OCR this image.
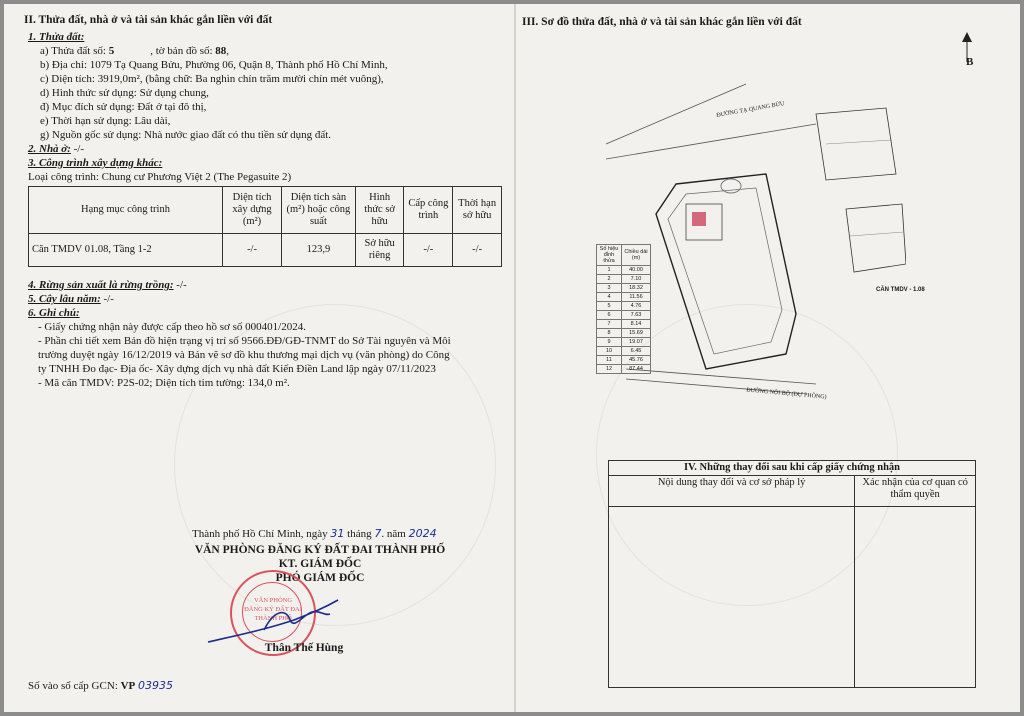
II. Thửa đất, nhà ở và tài sản khác gắn liền với đất
1. Thửa đất:
a) Thửa đất số: 5	, tờ bản đồ số: 88,
b) Địa chỉ: 1079 Tạ Quang Bửu, Phường 06, Quận 8, Thành phố Hồ Chí Minh,
c) Diện tích: 3919,0m², (bằng chữ: Ba nghìn chín trăm mười chín mét vuông),
d) Hình thức sử dụng: Sử dụng chung,
đ) Mục đích sử dụng: Đất ở tại đô thị,
e) Thời hạn sử dụng: Lâu dài,
g) Nguồn gốc sử dụng: Nhà nước giao đất có thu tiền sử dụng đất.
2. Nhà ở: -/-
3. Công trình xây dựng khác:
Loại công trình: Chung cư Phương Việt 2 (The Pegasuite 2)
Hạng mục công trình	Diện tích xây dựng (m²)	Diện tích sàn (m²) hoặc công suất	Hình thức sở hữu	Cấp công trình	Thời hạn sở hữu
Căn TMDV 01.08, Tầng 1-2	-/-	123,9	Sở hữu riêng	-/-	-/-
4. Rừng sản xuất là rừng trồng: -/-
5. Cây lâu năm: -/-
6. Ghi chú:
- Giấy chứng nhận này được cấp theo hồ sơ số 000401/2024.
- Phần chi tiết xem Bản đồ hiện trạng vị trí số 9566.ĐĐ/GĐ-TNMT do Sở Tài nguyên và Môi
trường duyệt ngày 16/12/2019 và Bản vẽ sơ đồ khu thương mại dịch vụ (văn phòng) do Công
ty TNHH Đo đạc- Địa ốc- Xây dựng dịch vụ nhà đất Kiến Điền Land lập ngày 07/11/2023
- Mã căn TMDV: P2S-02; Diện tích tim tường: 134,0 m².
Thành phố Hồ Chí Minh, ngày 31 tháng 7. năm 2024
VĂN PHÒNG ĐĂNG KÝ ĐẤT ĐAI THÀNH PHỐ
KT. GIÁM ĐỐC
PHÓ GIÁM ĐỐC
VĂN PHÒNG
ĐĂNG KÝ ĐẤT ĐAI
THÀNH PHỐ
Thân Thế Hùng
Số vào sổ cấp GCN: VP 03935
III. Sơ đồ thửa đất, nhà ở và tài sản khác gắn liền với đất
B
ĐƯỜNG TẠ QUANG BỬU
ĐƯỜNG NỘI BỘ (DỰ PHÒNG)
Số hiệu đỉnh thửa	Chiều dài (m)
1	40.00
2	7.10
3	18.32
4	11.56
5	4.76
6	7.63
7	8.14
8	15.69
9	19.07
10	6.45
11	45.76
12	87.44
CĂN TMDV - 1.08
IV. Những thay đổi sau khi cấp giấy chứng nhận	
Nội dung thay đổi và cơ sở pháp lý	Xác nhận của cơ quan có thẩm quyền
